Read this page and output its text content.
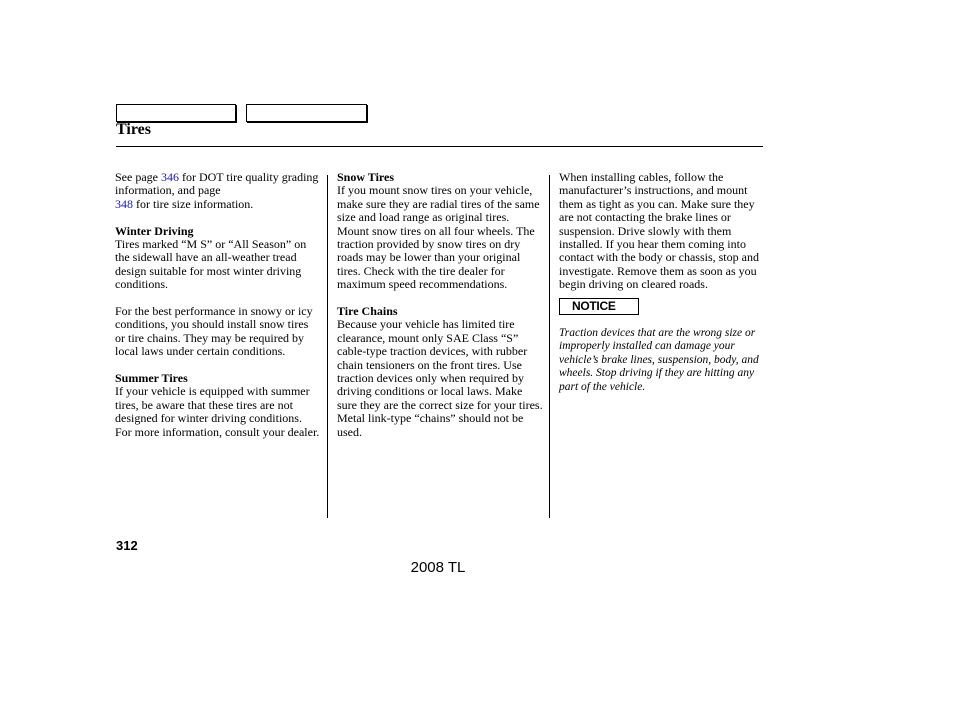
Tires

See page 346 for DOT tire quality grading information, and page
348 for tire size information.

Winter Driving
Tires marked “M S” or “All Season” on the sidewall have an all-weather tread design suitable for most winter driving conditions.

For the best performance in snowy or icy conditions, you should install snow tires or tire chains. They may be required by local laws under certain conditions.

Summer Tires
If your vehicle is equipped with summer tires, be aware that these tires are not designed for winter driving conditions. For more information, consult your dealer.

Snow Tires
If you mount snow tires on your vehicle, make sure they are radial tires of the same size and load range as original tires. Mount snow tires on all four wheels. The traction provided by snow tires on dry roads may be lower than your original tires. Check with the tire dealer for maximum speed recommendations.

Tire Chains
Because your vehicle has limited tire clearance, mount only SAE Class “S” cable-type traction devices, with rubber chain tensioners on the front tires. Use traction devices only when required by driving conditions or local laws. Make sure they are the correct size for your tires. Metal link-type “chains” should not be used.

When installing cables, follow the manufacturer’s instructions, and mount them as tight as you can. Make sure they are not contacting the brake lines or suspension. Drive slowly with them installed. If you hear them coming into contact with the body or chassis, stop and investigate. Remove them as soon as you begin driving on cleared roads.

NOTICE

Traction devices that are the wrong size or improperly installed can damage your vehicle’s brake lines, suspension, body, and wheels. Stop driving if they are hitting any part of the vehicle.

312
2008 TL
